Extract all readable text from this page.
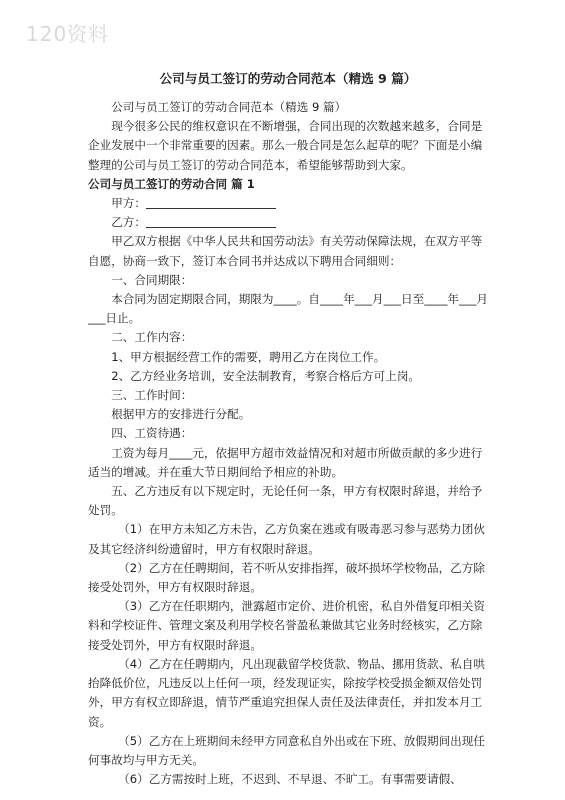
120资料
公司与员工签订的劳动合同范本（精选 9 篇）

公司与员工签订的劳动合同范本（精选 9 篇）

现今很多公民的维权意识在不断增强，合同出现的次数越来越多，合同是企业发展中一个非常重要的因素。那么一般合同是怎么起草的呢？下面是小编整理的公司与员工签订的劳动合同范本，希望能够帮助到大家。

公司与员工签订的劳动合同 篇 1

甲方：

乙方：

甲乙双方根据《中华人民共和国劳动法》有关劳动保障法规，在双方平等自愿，协商一致下，签订本合同书并达成以下聘用合同细则：

一、合同期限：

本合同为固定期限合同，期限为____。自____年___月___日至____年___月___日止。

二、工作内容：

1、甲方根据经营工作的需要，聘用乙方在岗位工作。

2、乙方经业务培训，安全法制教育，考察合格后方可上岗。

三、工作时间：

根据甲方的安排进行分配。

四、工资待遇：

工资为每月____元，依据甲方超市效益情况和对超市所做贡献的多少进行适当的增减。并在重大节日期间给予相应的补助。

五、乙方违反有以下规定时，无论任何一条，甲方有权限时辞退，并给予处罚。

（1）在甲方未知乙方未告，乙方负案在逃或有吸毒恶习参与恶势力团伙及其它经济纠纷遗留时，甲方有权限时辞退。

（2）乙方在任聘期间，若不听从安排指挥，破坏损坏学校物品，乙方除接受处罚外，甲方有权限时辞退。

（3）乙方在任职期内，泄露超市定价、进价机密，私自外借复印相关资料和学校证件、管理文案及利用学校名誉盈私兼做其它业务时经核实，乙方除接受处罚外，甲方有权限时辞退。

（4）乙方在任聘期内，凡出现截留学校货款、物品、挪用货款、私自哄抬降低价位，凡违反以上任何一项，经发现证实，除按学校受损金额双倍处罚外，甲方有权立即辞退，情节严重追究担保人责任及法律责任，并扣发本月工资。

（5）乙方在上班期间未经甲方同意私自外出或在下班、放假期间出现任何事故均与甲方无关。

（6）乙方需按时上班，不迟到、不早退、不旷工。有事需要请假、
